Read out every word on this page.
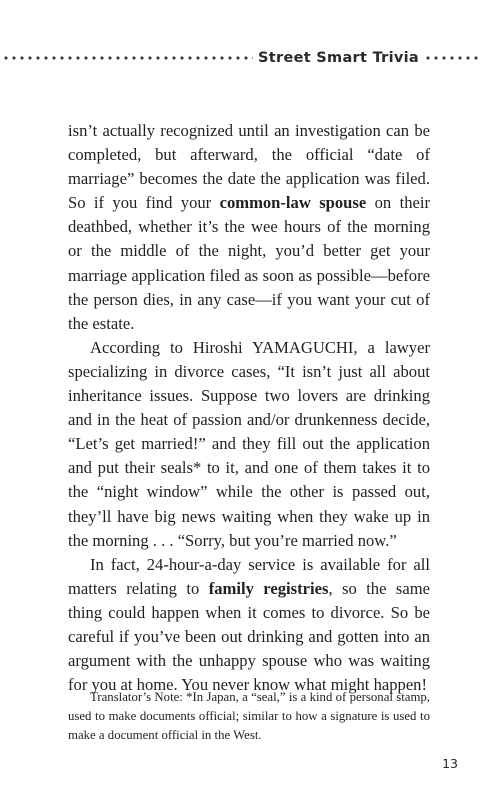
Street Smart Trivia

isn’t actually recognized until an investigation can be completed, but afterward, the official “date of marriage” becomes the date the application was filed. So if you find your common-law spouse on their deathbed, whether it’s the wee hours of the morning or the middle of the night, you’d better get your marriage application filed as soon as possible—before the person dies, in any case—if you want your cut of the estate.

According to Hiroshi YAMAGUCHI, a lawyer specializing in divorce cases, “It isn’t just all about inheritance issues. Suppose two lovers are drinking and in the heat of passion and/or drunkenness decide, “Let’s get married!” and they fill out the application and put their seals* to it, and one of them takes it to the “night window” while the other is passed out, they’ll have big news waiting when they wake up in the morning . . . “Sorry, but you’re married now.”

In fact, 24-hour-a-day service is available for all matters relating to family registries, so the same thing could happen when it comes to divorce. So be careful if you’ve been out drinking and gotten into an argument with the unhappy spouse who was waiting for you at home. You never know what might happen!

Translator’s Note: *In Japan, a “seal,” is a kind of personal stamp, used to make documents official; similar to how a signature is used to make a document official in the West.
13
